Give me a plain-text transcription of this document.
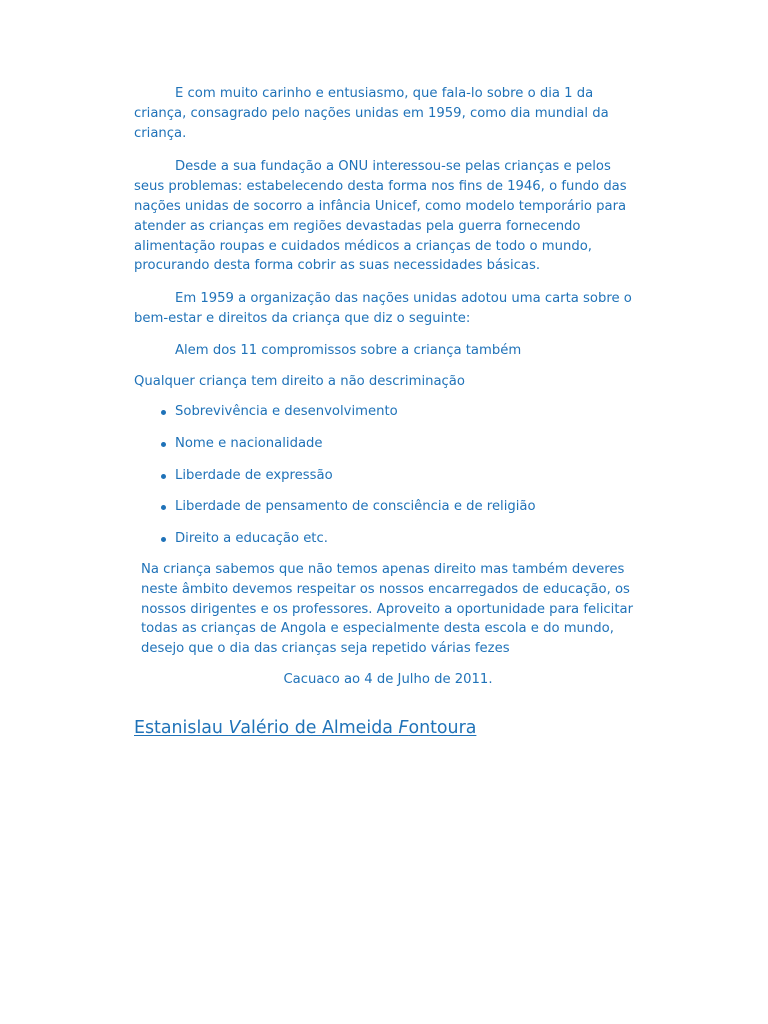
E com muito carinho e entusiasmo, que fala-lo sobre o dia 1 da criança, consagrado pelo nações unidas em 1959, como dia mundial da criança.

Desde a sua fundação a ONU interessou-se pelas crianças e pelos seus problemas: estabelecendo desta forma nos fins de 1946, o fundo das nações unidas de socorro a infância Unicef, como modelo temporário para atender as crianças em regiões devastadas pela guerra fornecendo alimentação roupas e cuidados médicos a crianças de todo o mundo, procurando desta forma cobrir as suas necessidades básicas.

Em 1959 a organização das nações unidas adotou uma carta sobre o bem-estar e direitos da criança que diz o seguinte:

Alem dos 11 compromissos sobre a criança também

Qualquer criança tem direito a não descriminação

Sobrevivência e desenvolvimento
Nome e nacionalidade
Liberdade de expressão
Liberdade de pensamento de consciência e de religião
Direito a educação etc.

Na criança sabemos que não temos apenas direito mas também deveres neste âmbito devemos respeitar os nossos encarregados de educação, os nossos dirigentes e os professores. Aproveito a oportunidade para felicitar todas as crianças de Angola e especialmente desta escola e do mundo, desejo que o dia das crianças seja repetido várias fezes

Cacuaco ao 4 de Julho de 2011.

Estanislau Valério de Almeida Fontoura
